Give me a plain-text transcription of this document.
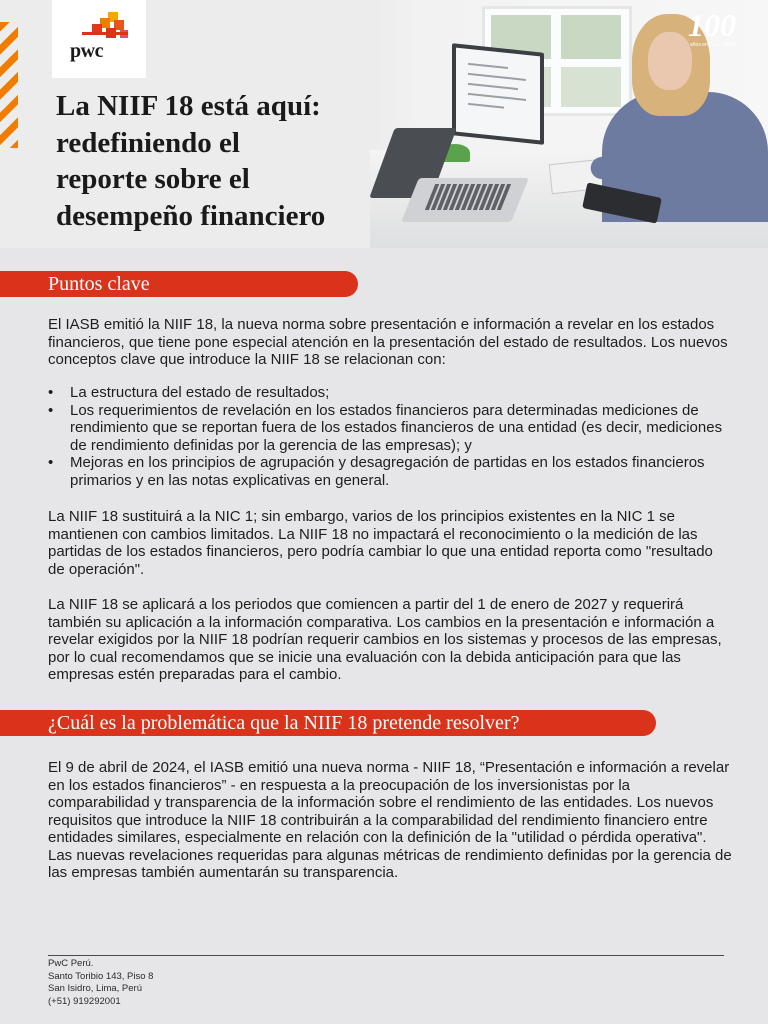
100
años en Perú | 2024
pwc
La NIIF 18 está aquí:
redefiniendo el
reporte sobre el
desempeño financiero
Puntos clave

El IASB emitió la NIIF 18, la nueva norma sobre presentación e información a revelar en los estados financieros, que tiene pone especial atención en la presentación del estado de resultados. Los nuevos conceptos clave que introduce la NIIF 18 se relacionan con:

• La estructura del estado de resultados;
• Los requerimientos de revelación en los estados financieros para determinadas mediciones de rendimiento que se reportan fuera de los estados financieros de una entidad (es decir, mediciones de rendimiento definidas por la gerencia de las empresas); y
• Mejoras en los principios de agrupación y desagregación de partidas en los estados financieros primarios y en las notas explicativas en general.

La NIIF 18 sustituirá a la NIC 1; sin embargo, varios de los principios existentes en la NIC 1 se mantienen con cambios limitados. La NIIF 18 no impactará el reconocimiento o la medición de las partidas de los estados financieros, pero podría cambiar lo que una entidad reporta como "resultado de operación".

La NIIF 18 se aplicará a los periodos que comiencen a partir del 1 de enero de 2027 y requerirá también su aplicación a la información comparativa. Los cambios en la presentación e información a revelar exigidos por la NIIF 18 podrían requerir cambios en los sistemas y procesos de las empresas, por lo cual recomendamos que se inicie una evaluación con la debida anticipación para que las empresas estén preparadas para el cambio.

¿Cuál es la problemática que la NIIF 18 pretende resolver?

El 9 de abril de 2024, el IASB emitió una nueva norma - NIIF 18, “Presentación e información a revelar en los estados financieros” - en respuesta a la preocupación de los inversionistas por la comparabilidad y transparencia de la información sobre el rendimiento de las entidades. Los nuevos requisitos que introduce la NIIF 18 contribuirán a la comparabilidad del rendimiento financiero entre entidades similares, especialmente en relación con la definición de la "utilidad o pérdida operativa". Las nuevas revelaciones requeridas para algunas métricas de rendimiento definidas por la gerencia de las empresas también aumentarán su transparencia.

PwC Perú.
Santo Toribio 143, Piso 8
San Isidro, Lima, Perú
(+51) 919292001
